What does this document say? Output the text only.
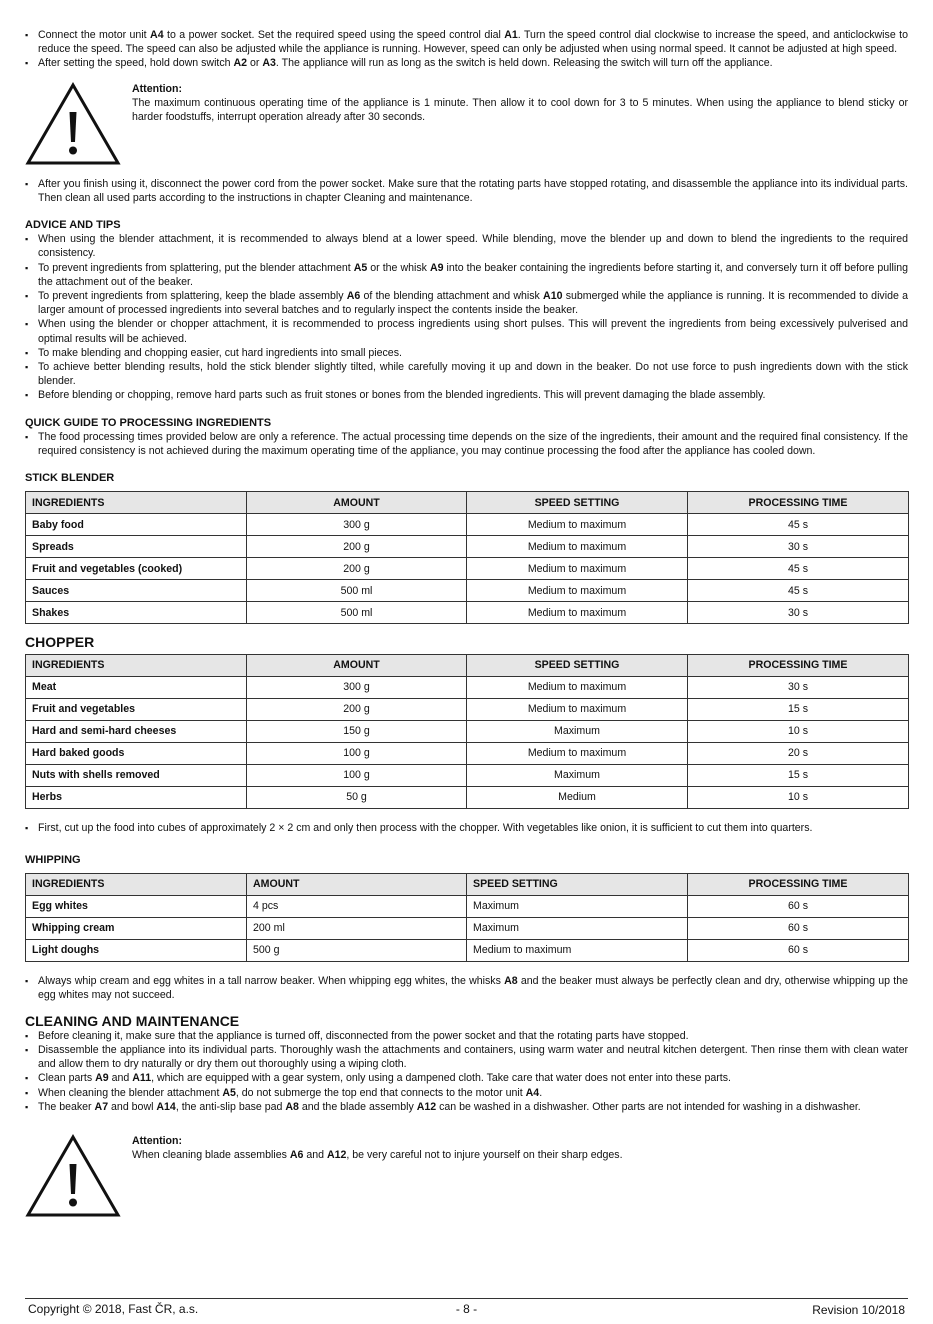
▪ Connect the motor unit A4 to a power socket. Set the required speed using the speed control dial A1. Turn the speed control dial clockwise to increase the speed, and anticlockwise to reduce the speed. The speed can also be adjusted while the appliance is running. However, speed can only be adjusted when using normal speed. It cannot be adjusted at high speed.
▪ After setting the speed, hold down switch A2 or A3. The appliance will run as long as the switch is held down. Releasing the switch will turn off the appliance.
Attention:
The maximum continuous operating time of the appliance is 1 minute. Then allow it to cool down for 3 to 5 minutes. When using the appliance to blend sticky or harder foodstuffs, interrupt operation already after 30 seconds.
▪ After you finish using it, disconnect the power cord from the power socket. Make sure that the rotating parts have stopped rotating, and disassemble the appliance into its individual parts. Then clean all used parts according to the instructions in chapter Cleaning and maintenance.
ADVICE AND TIPS
▪ When using the blender attachment, it is recommended to always blend at a lower speed. While blending, move the blender up and down to blend the ingredients to the required consistency.
▪ To prevent ingredients from splattering, put the blender attachment A5 or the whisk A9 into the beaker containing the ingredients before starting it, and conversely turn it off before pulling the attachment out of the beaker.
▪ To prevent ingredients from splattering, keep the blade assembly A6 of the blending attachment and whisk A10 submerged while the appliance is running. It is recommended to divide a larger amount of processed ingredients into several batches and to regularly inspect the contents inside the beaker.
▪ When using the blender or chopper attachment, it is recommended to process ingredients using short pulses. This will prevent the ingredients from being excessively pulverised and optimal results will be achieved.
▪ To make blending and chopping easier, cut hard ingredients into small pieces.
▪ To achieve better blending results, hold the stick blender slightly tilted, while carefully moving it up and down in the beaker. Do not use force to push ingredients down with the stick blender.
▪ Before blending or chopping, remove hard parts such as fruit stones or bones from the blended ingredients. This will prevent damaging the blade assembly.
QUICK GUIDE TO PROCESSING INGREDIENTS
▪ The food processing times provided below are only a reference. The actual processing time depends on the size of the ingredients, their amount and the required final consistency. If the required consistency is not achieved during the maximum operating time of the appliance, you may continue processing the food after the appliance has cooled down.
STICK BLENDER
INGREDIENTS	AMOUNT	SPEED SETTING	PROCESSING TIME
Baby food	300 g	Medium to maximum	45 s
Spreads	200 g	Medium to maximum	30 s
Fruit and vegetables (cooked)	200 g	Medium to maximum	45 s
Sauces	500 ml	Medium to maximum	45 s
Shakes	500 ml	Medium to maximum	30 s
CHOPPER
INGREDIENTS	AMOUNT	SPEED SETTING	PROCESSING TIME
Meat	300 g	Medium to maximum	30 s
Fruit and vegetables	200 g	Medium to maximum	15 s
Hard and semi-hard cheeses	150 g	Maximum	10 s
Hard baked goods	100 g	Medium to maximum	20 s
Nuts with shells removed	100 g	Maximum	15 s
Herbs	50 g	Medium	10 s
▪ First, cut up the food into cubes of approximately 2 × 2 cm and only then process with the chopper. With vegetables like onion, it is sufficient to cut them into quarters.
WHIPPING
INGREDIENTS	AMOUNT	SPEED SETTING	PROCESSING TIME
Egg whites	4 pcs	Maximum	60 s
Whipping cream	200 ml	Maximum	60 s
Light doughs	500 g	Medium to maximum	60 s
▪ Always whip cream and egg whites in a tall narrow beaker. When whipping egg whites, the whisks A8 and the beaker must always be perfectly clean and dry, otherwise whipping up the egg whites may not succeed.
CLEANING AND MAINTENANCE
▪ Before cleaning it, make sure that the appliance is turned off, disconnected from the power socket and that the rotating parts have stopped.
▪ Disassemble the appliance into its individual parts. Thoroughly wash the attachments and containers, using warm water and neutral kitchen detergent. Then rinse them with clean water and allow them to dry naturally or dry them out thoroughly using a wiping cloth.
▪ Clean parts A9 and A11, which are equipped with a gear system, only using a dampened cloth. Take care that water does not enter into these parts.
▪ When cleaning the blender attachment A5, do not submerge the top end that connects to the motor unit A4.
▪ The beaker A7 and bowl A14, the anti-slip base pad A8 and the blade assembly A12 can be washed in a dishwasher. Other parts are not intended for washing in a dishwasher.
Attention:
When cleaning blade assemblies A6 and A12, be very careful not to injure yourself on their sharp edges.
Copyright © 2018, Fast ČR, a.s.	- 8 -	Revision 10/2018
